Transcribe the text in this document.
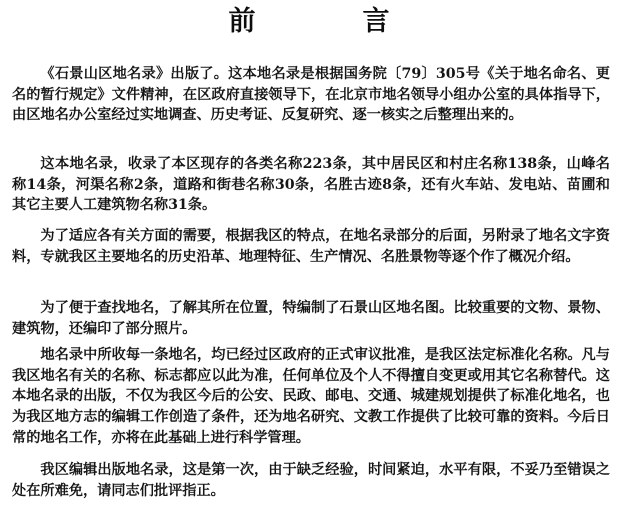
前　言

《石景山区地名录》出版了。这本地名录是根据国务院〔79〕305号《关于地名命名、更名的暂行规定》文件精神，在区政府直接领导下，在北京市地名领导小组办公室的具体指导下，由区地名办公室经过实地调查、历史考证、反复研究、逐一核实之后整理出来的。

这本地名录，收录了本区现存的各类名称223条，其中居民区和村庄名称138条，山峰名称14条，河渠名称2条，道路和街巷名称30条，名胜古迹8条，还有火车站、发电站、苗圃和其它主要人工建筑物名称31条。

为了适应各有关方面的需要，根据我区的特点，在地名录部分的后面，另附录了地名文字资料，专就我区主要地名的历史沿革、地理特征、生产情况、名胜景物等逐个作了概况介绍。

为了便于查找地名，了解其所在位置，特编制了石景山区地名图。比较重要的文物、景物、建筑物，还编印了部分照片。

地名录中所收每一条地名，均已经过区政府的正式审议批准，是我区法定标准化名称。凡与我区地名有关的名称、标志都应以此为准，任何单位及个人不得擅自变更或用其它名称替代。这本地名录的出版，不仅为我区今后的公安、民政、邮电、交通、城建规划提供了标准化地名，也为我区地方志的编辑工作创造了条件，还为地名研究、文教工作提供了比较可靠的资料。今后日常的地名工作，亦将在此基础上进行科学管理。

我区编辑出版地名录，这是第一次，由于缺乏经验，时间紧迫，水平有限，不妥乃至错误之处在所难免，请同志们批评指正。
